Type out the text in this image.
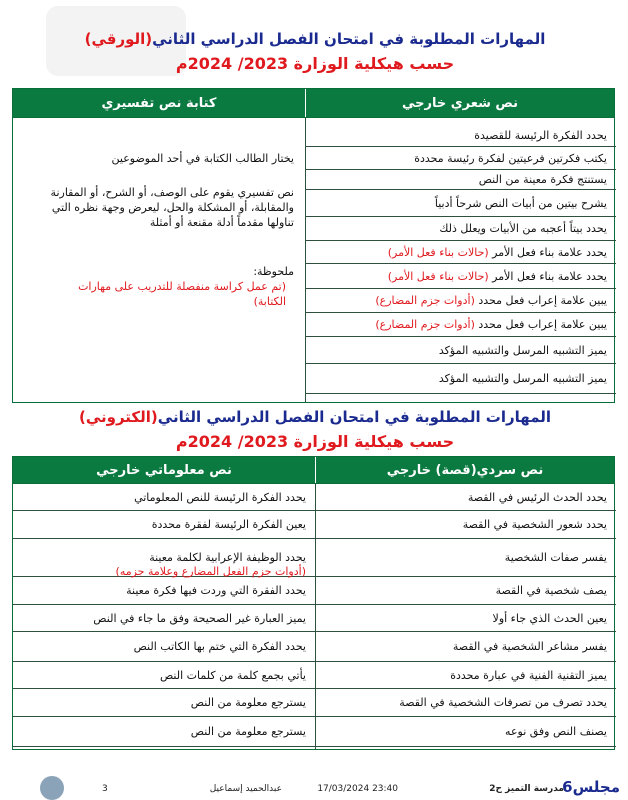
المهارات المطلوبة في امتحان الفصل الدراسي الثاني(الورقي)
حسب هيكلية الوزارة 2023/ 2024م
نص شعري خارجي
كتابة نص تفسيري
يحدد الفكرة الرئيسة للقصيدة
يكتب فكرتين فرعيتين لفكرة رئيسة محددة
يستنتج فكرة معينة من النص
يشرح بيتين من أبيات النص شرحاً أدبياً
يحدد بيتاً أعجبه من الأبيات ويعلل ذلك
يحدد علامة بناء فعل الأمر (حالات بناء فعل الأمر)
يحدد علامة بناء فعل الأمر (حالات بناء فعل الأمر)
يبين علامة إعراب فعل محدد (أدوات جزم المضارع)
يبين علامة إعراب فعل محدد (أدوات جزم المضارع)
يميز التشبيه المرسل والتشبيه المؤكد
يميز التشبيه المرسل والتشبيه المؤكد
يختار الطالب الكتابة في أحد الموضوعين
نص تفسيري يقوم على الوصف، أو الشرح، أو المقارنة
والمقابلة، أو المشكلة والحل، ليعرض وجهة نظره التي
تناولها مقدماً أدلة مقنعة أو أمثلة
ملحوظة:
(تم عمل كراسة منفصلة للتدريب على مهارات
الكتابة)
المهارات المطلوبة في امتحان الفصل الدراسي الثاني(الكتروني)
حسب هيكلية الوزارة 2023/ 2024م
نص سردي(قصة) خارجي
نص معلوماتي خارجي
يحدد الحدث الرئيس في القصة
يحدد شعور الشخصية في القصة
يفسر صفات الشخصية
يصف شخصية في القصة
يعين الحدث الذي جاء أولا
يفسر مشاعر الشخصية في القصة
يميز التقنية الفنية في عبارة محددة
يحدد تصرف من تصرفات الشخصية في القصة
يصنف النص وفق نوعه
يحدد الفكرة الرئيسة للنص المعلوماتي
يعين الفكرة الرئيسة لفقرة محددة
يحدد الوظيفة الإعرابية لكلمة معينة
(أدوات جزم الفعل المضارع وعلامة جزمه)
يحدد الفقرة التي وردت فيها فكرة معينة
يميز العبارة غير الصحيحة وفق ما جاء في النص
يحدد الفكرة التي ختم بها الكاتب النص
يأتي بجمع كلمة من كلمات النص
يسترجع معلومة من النص
يسترجع معلومة من النص
مجلس6
مدرسة التميز ح2
23:40 17/03/2024
عبدالحميد إسماعيل
3
